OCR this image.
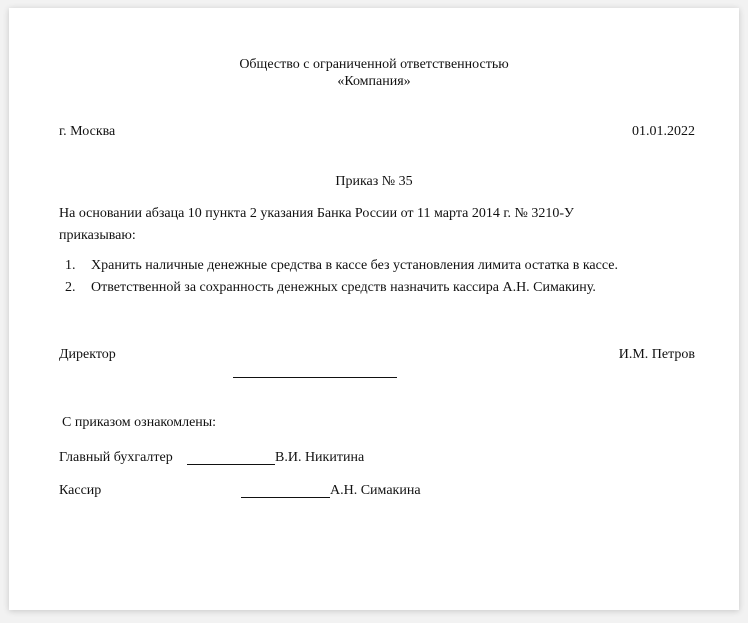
Общество с ограниченной ответственностью
«Компания»
г. Москва	01.01.2022
Приказ № 35
На основании абзаца 10 пункта 2 указания Банка России от 11 марта 2014 г. № 3210-У
приказываю:
1. Хранить наличные денежные средства в кассе без установления лимита остатка в кассе.
2. Ответственной за сохранность денежных средств назначить кассира А.Н. Симакину.
Директор	И.М. Петров
С приказом ознакомлены:
Главный бухгалтер	В.И. Никитина
Кассир	А.Н. Симакина
